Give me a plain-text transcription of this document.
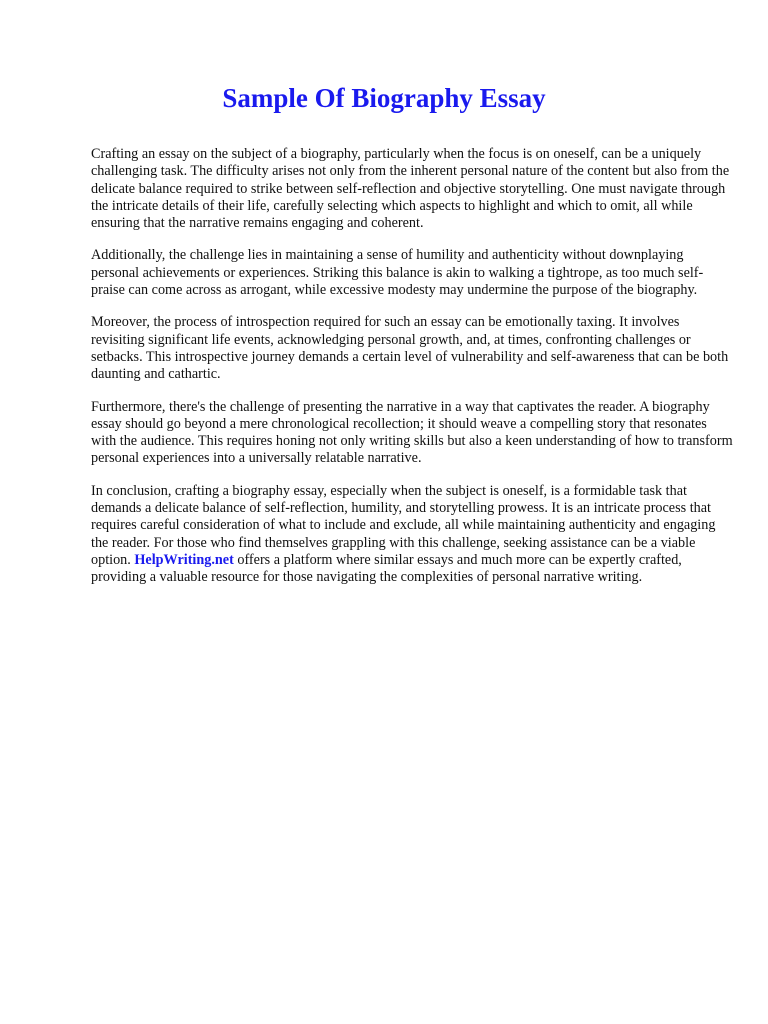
Sample Of Biography Essay

Crafting an essay on the subject of a biography, particularly when the focus is on oneself, can be a uniquely challenging task. The difficulty arises not only from the inherent personal nature of the content but also from the delicate balance required to strike between self-reflection and objective storytelling. One must navigate through the intricate details of their life, carefully selecting which aspects to highlight and which to omit, all while ensuring that the narrative remains engaging and coherent.

Additionally, the challenge lies in maintaining a sense of humility and authenticity without downplaying personal achievements or experiences. Striking this balance is akin to walking a tightrope, as too much self-praise can come across as arrogant, while excessive modesty may undermine the purpose of the biography.

Moreover, the process of introspection required for such an essay can be emotionally taxing. It involves revisiting significant life events, acknowledging personal growth, and, at times, confronting challenges or setbacks. This introspective journey demands a certain level of vulnerability and self-awareness that can be both daunting and cathartic.

Furthermore, there's the challenge of presenting the narrative in a way that captivates the reader. A biography essay should go beyond a mere chronological recollection; it should weave a compelling story that resonates with the audience. This requires honing not only writing skills but also a keen understanding of how to transform personal experiences into a universally relatable narrative.

In conclusion, crafting a biography essay, especially when the subject is oneself, is a formidable task that demands a delicate balance of self-reflection, humility, and storytelling prowess. It is an intricate process that requires careful consideration of what to include and exclude, all while maintaining authenticity and engaging the reader. For those who find themselves grappling with this challenge, seeking assistance can be a viable option. HelpWriting.net offers a platform where similar essays and much more can be expertly crafted, providing a valuable resource for those navigating the complexities of personal narrative writing.
